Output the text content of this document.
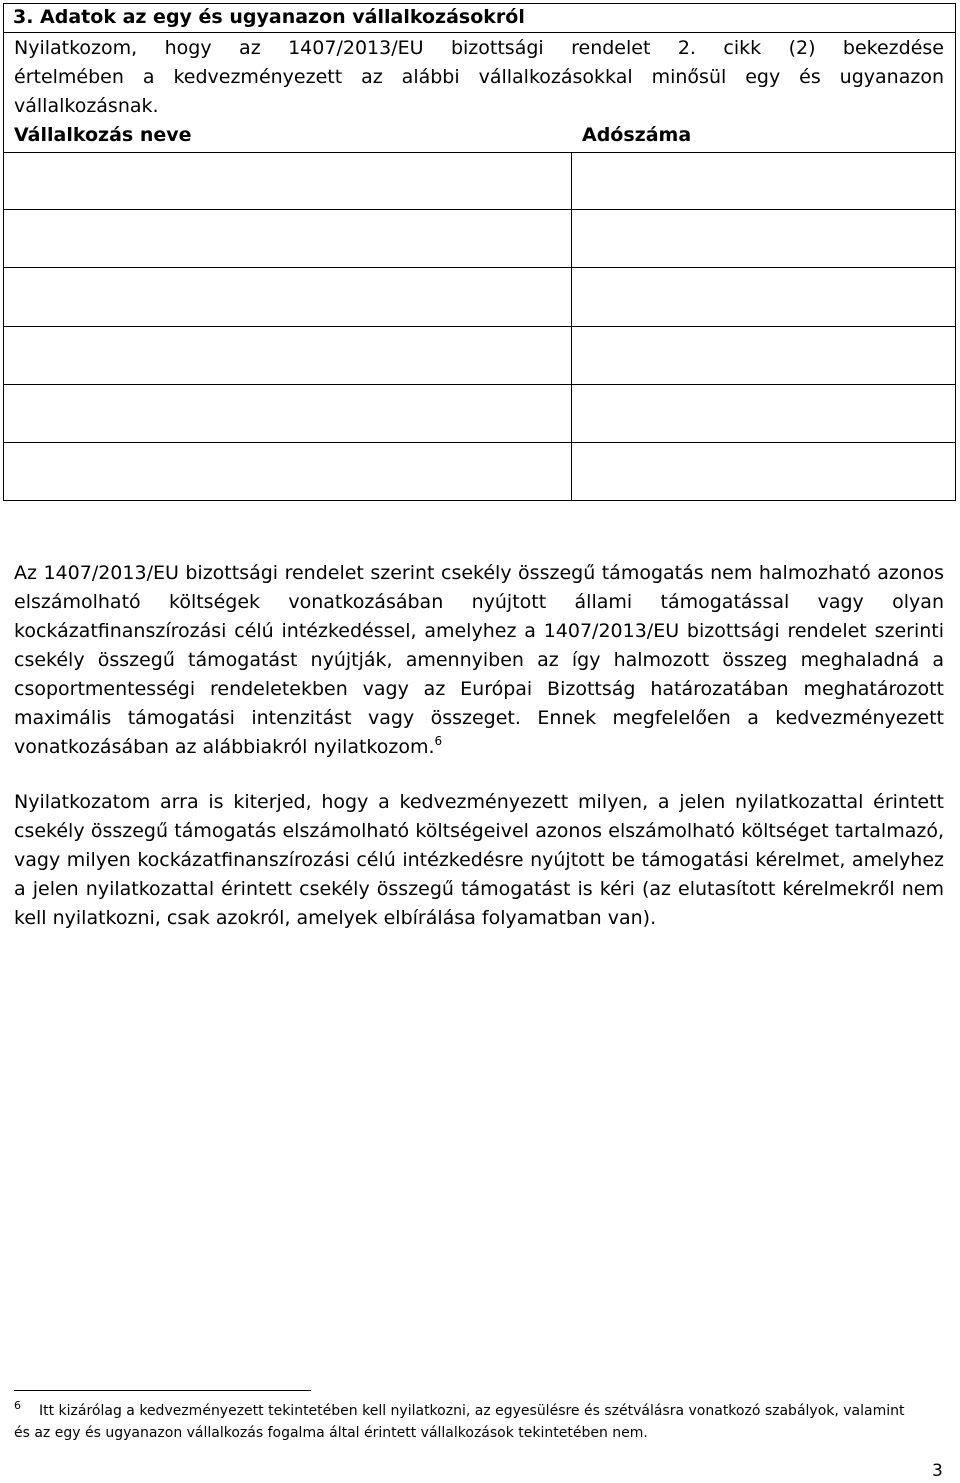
3. Adatok az egy és ugyanazon vállalkozásokról
Nyilatkozom, hogy az 1407/2013/EU bizottsági rendelet 2. cikk (2) bekezdése
értelmében a kedvezményezett az alábbi vállalkozásokkal minősül egy és ugyanazon
vállalkozásnak.
Vállalkozás neve	Adószáma

Az 1407/2013/EU bizottsági rendelet szerint csekély összegű támogatás nem halmozható azonos elszámolható költségek vonatkozásában nyújtott állami támogatással vagy olyan kockázatfinanszírozási célú intézkedéssel, amelyhez a 1407/2013/EU bizottsági rendelet szerinti csekély összegű támogatást nyújtják, amennyiben az így halmozott összeg meghaladná a csoportmentességi rendeletekben vagy az Európai Bizottság határozatában meghatározott maximális támogatási intenzitást vagy összeget. Ennek megfelelően a kedvezményezett vonatkozásában az alábbiakról nyilatkozom.$^6$

Nyilatkozatom arra is kiterjed, hogy a kedvezményezett milyen, a jelen nyilatkozattal érintett csekély összegű támogatás elszámolható költségeivel azonos elszámolható költséget tartalmazó, vagy milyen kockázatfinanszírozási célú intézkedésre nyújtott be támogatási kérelmet, amelyhez a jelen nyilatkozattal érintett csekély összegű támogatást is kéri (az elutasított kérelmekről nem kell nyilatkozni, csak azokról, amelyek elbírálása folyamatban van).

$^6$ Itt kizárólag a kedvezményezett tekintetében kell nyilatkozni, az egyesülésre és szétválásra vonatkozó szabályok, valamint
és az egy és ugyanazon vállalkozás fogalma által érintett vállalkozások tekintetében nem.
3
